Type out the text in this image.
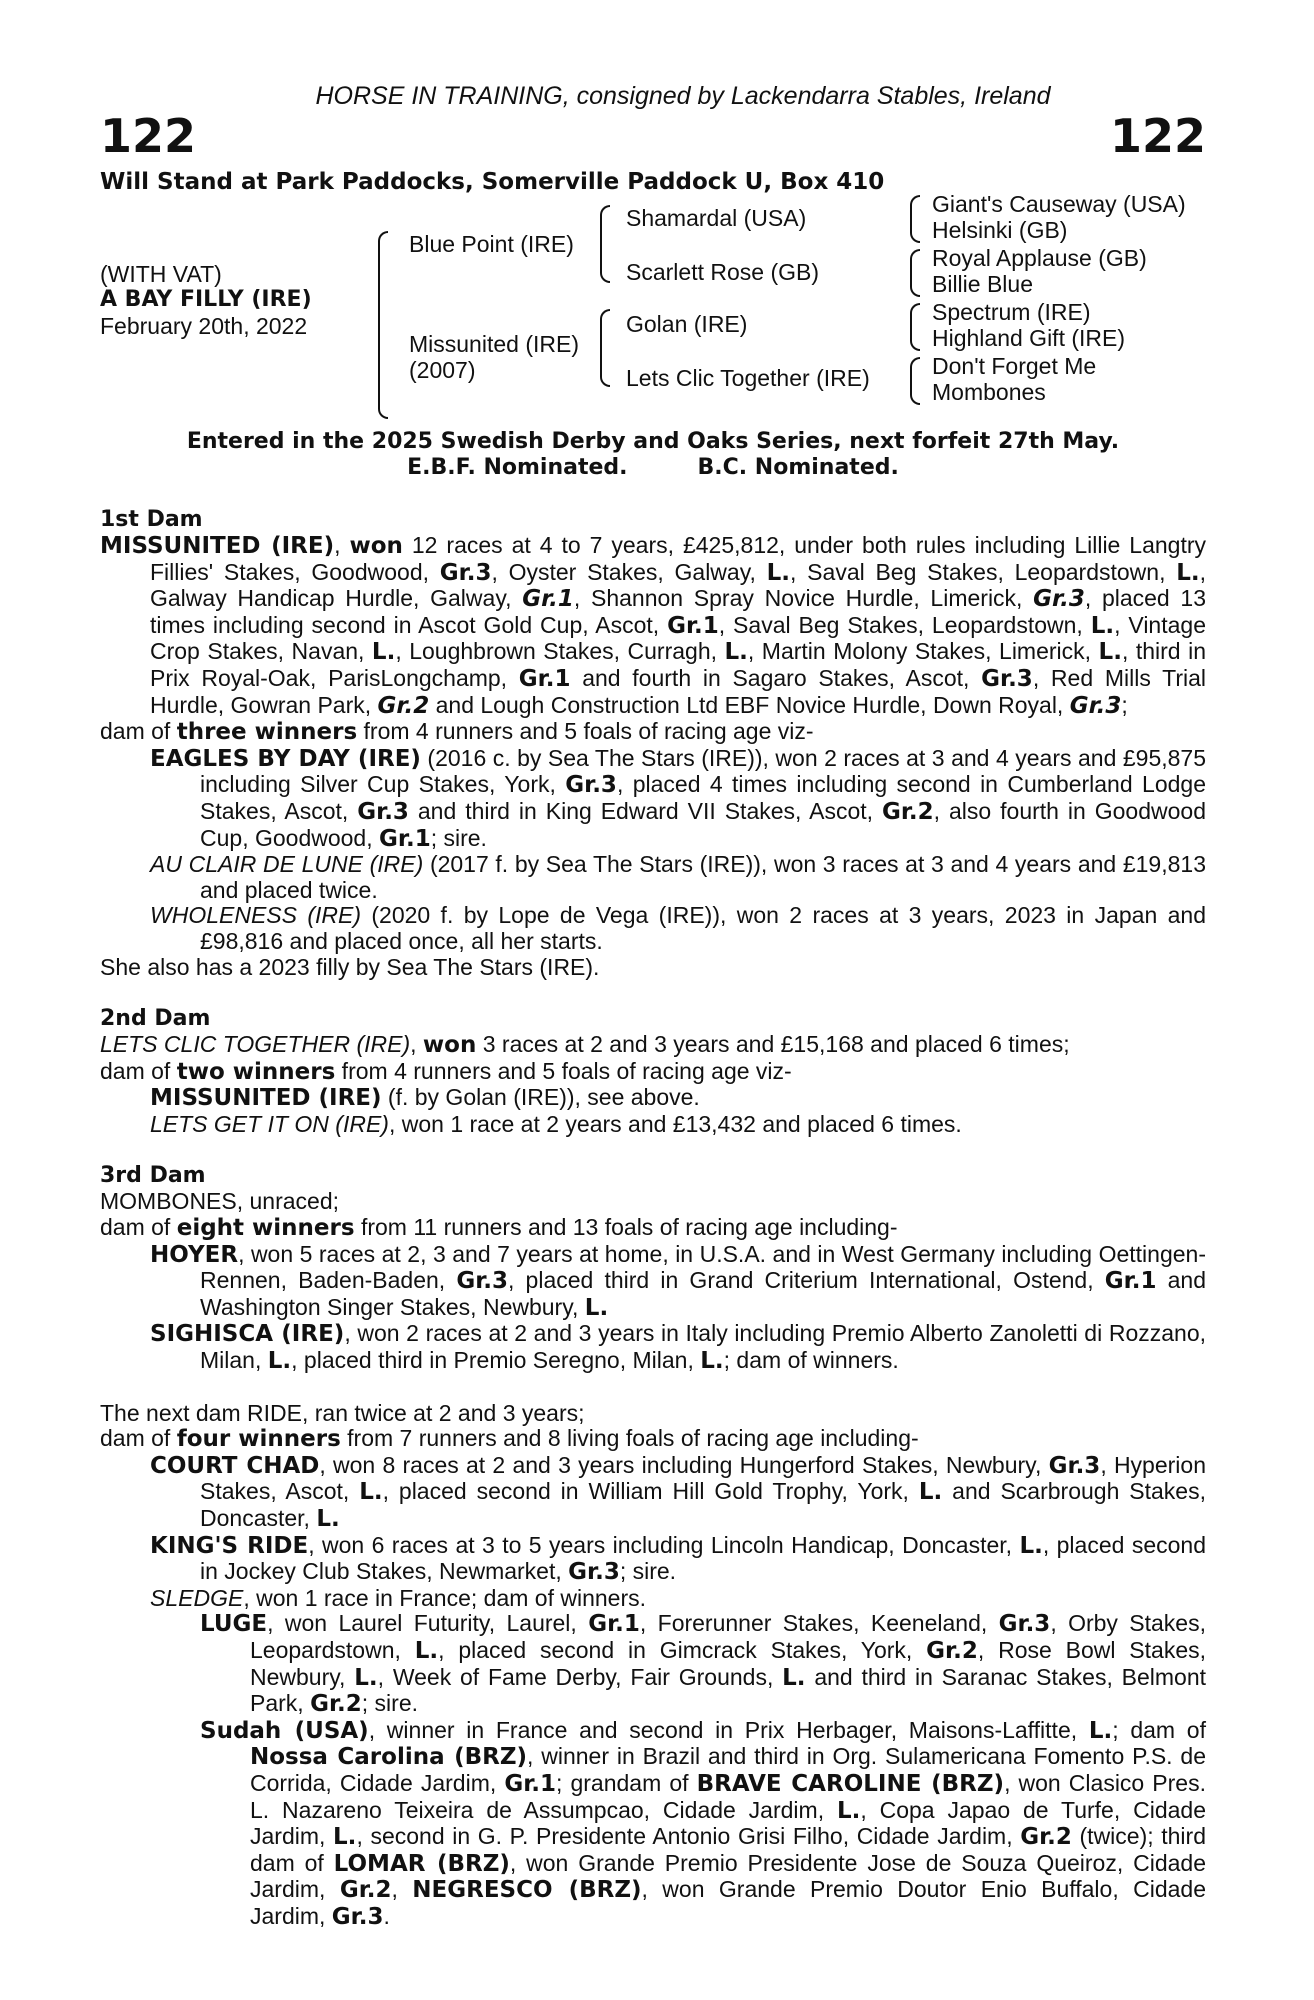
HORSE IN TRAINING, consigned by Lackendarra Stables, Ireland
122	122
Will Stand at Park Paddocks, Somerville Paddock U, Box 410
(WITH VAT)
A BAY FILLY (IRE)
February 20th, 2022
Blue Point (IRE)
Missunited (IRE)
(2007)
Shamardal (USA)
Scarlett Rose (GB)
Golan (IRE)
Lets Clic Together (IRE)
Giant's Causeway (USA)
Helsinki (GB)
Royal Applause (GB)
Billie Blue
Spectrum (IRE)
Highland Gift (IRE)
Don't Forget Me
Mombones
Entered in the 2025 Swedish Derby and Oaks Series, next forfeit 27th May.
E.B.F. Nominated.	B.C. Nominated.
1st Dam
MISSUNITED (IRE), won 12 races at 4 to 7 years, £425,812, under both rules including Lillie Langtry Fillies' Stakes, Goodwood, Gr.3, Oyster Stakes, Galway, L., Saval Beg Stakes, Leopardstown, L., Galway Handicap Hurdle, Galway, Gr.1, Shannon Spray Novice Hurdle, Limerick, Gr.3, placed 13 times including second in Ascot Gold Cup, Ascot, Gr.1, Saval Beg Stakes, Leopardstown, L., Vintage Crop Stakes, Navan, L., Loughbrown Stakes, Curragh, L., Martin Molony Stakes, Limerick, L., third in Prix Royal-Oak, ParisLongchamp, Gr.1 and fourth in Sagaro Stakes, Ascot, Gr.3, Red Mills Trial Hurdle, Gowran Park, Gr.2 and Lough Construction Ltd EBF Novice Hurdle, Down Royal, Gr.3;
dam of three winners from 4 runners and 5 foals of racing age viz-
EAGLES BY DAY (IRE) (2016 c. by Sea The Stars (IRE)), won 2 races at 3 and 4 years and £95,875 including Silver Cup Stakes, York, Gr.3, placed 4 times including second in Cumberland Lodge Stakes, Ascot, Gr.3 and third in King Edward VII Stakes, Ascot, Gr.2, also fourth in Goodwood Cup, Goodwood, Gr.1; sire.
AU CLAIR DE LUNE (IRE) (2017 f. by Sea The Stars (IRE)), won 3 races at 3 and 4 years and £19,813 and placed twice.
WHOLENESS (IRE) (2020 f. by Lope de Vega (IRE)), won 2 races at 3 years, 2023 in Japan and £98,816 and placed once, all her starts.
She also has a 2023 filly by Sea The Stars (IRE).
2nd Dam
LETS CLIC TOGETHER (IRE), won 3 races at 2 and 3 years and £15,168 and placed 6 times;
dam of two winners from 4 runners and 5 foals of racing age viz-
MISSUNITED (IRE) (f. by Golan (IRE)), see above.
LETS GET IT ON (IRE), won 1 race at 2 years and £13,432 and placed 6 times.
3rd Dam
MOMBONES, unraced;
dam of eight winners from 11 runners and 13 foals of racing age including-
HOYER, won 5 races at 2, 3 and 7 years at home, in U.S.A. and in West Germany including Oettingen-Rennen, Baden-Baden, Gr.3, placed third in Grand Criterium International, Ostend, Gr.1 and Washington Singer Stakes, Newbury, L.
SIGHISCA (IRE), won 2 races at 2 and 3 years in Italy including Premio Alberto Zanoletti di Rozzano, Milan, L., placed third in Premio Seregno, Milan, L.; dam of winners.
The next dam RIDE, ran twice at 2 and 3 years;
dam of four winners from 7 runners and 8 living foals of racing age including-
COURT CHAD, won 8 races at 2 and 3 years including Hungerford Stakes, Newbury, Gr.3, Hyperion Stakes, Ascot, L., placed second in William Hill Gold Trophy, York, L. and Scarbrough Stakes, Doncaster, L.
KING'S RIDE, won 6 races at 3 to 5 years including Lincoln Handicap, Doncaster, L., placed second in Jockey Club Stakes, Newmarket, Gr.3; sire.
SLEDGE, won 1 race in France; dam of winners.
LUGE, won Laurel Futurity, Laurel, Gr.1, Forerunner Stakes, Keeneland, Gr.3, Orby Stakes, Leopardstown, L., placed second in Gimcrack Stakes, York, Gr.2, Rose Bowl Stakes, Newbury, L., Week of Fame Derby, Fair Grounds, L. and third in Saranac Stakes, Belmont Park, Gr.2; sire.
Sudah (USA), winner in France and second in Prix Herbager, Maisons-Laffitte, L.; dam of Nossa Carolina (BRZ), winner in Brazil and third in Org. Sulamericana Fomento P.S. de Corrida, Cidade Jardim, Gr.1; grandam of BRAVE CAROLINE (BRZ), won Clasico Pres. L. Nazareno Teixeira de Assumpcao, Cidade Jardim, L., Copa Japao de Turfe, Cidade Jardim, L., second in G. P. Presidente Antonio Grisi Filho, Cidade Jardim, Gr.2 (twice); third dam of LOMAR (BRZ), won Grande Premio Presidente Jose de Souza Queiroz, Cidade Jardim, Gr.2, NEGRESCO (BRZ), won Grande Premio Doutor Enio Buffalo, Cidade Jardim, Gr.3.
